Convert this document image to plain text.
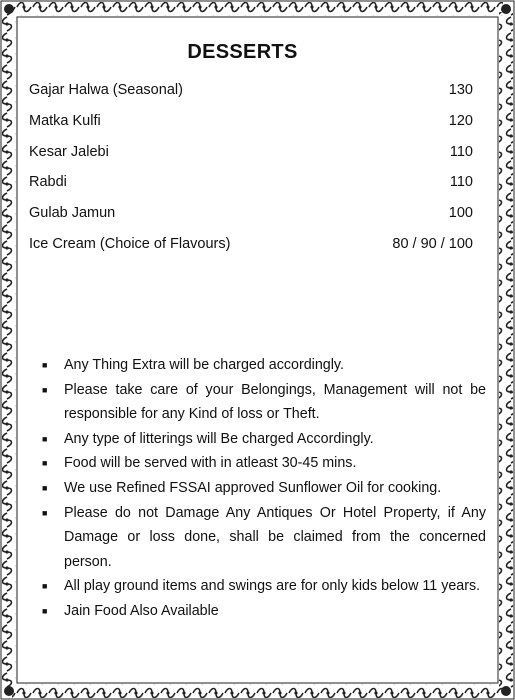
DESSERTS
Gajar Halwa (Seasonal)	130
Matka Kulfi	120
Kesar Jalebi	110
Rabdi	110
Gulab Jamun	100
Ice Cream (Choice of Flavours)	80 / 90 / 100
■	Any Thing Extra will be charged accordingly.
■	Please take care of your Belongings, Management will not be responsible for any Kind of loss or Theft.
■	Any type of litterings will Be charged Accordingly.
■	Food will be served with in atleast 30-45 mins.
■	We use Refined FSSAI approved Sunflower Oil for cooking.
■	Please do not Damage Any Antiques Or Hotel Property, if Any Damage or loss done, shall be claimed from the concerned person.
■	All play ground items and swings are for only kids below 11 years.
■	Jain Food Also Available
